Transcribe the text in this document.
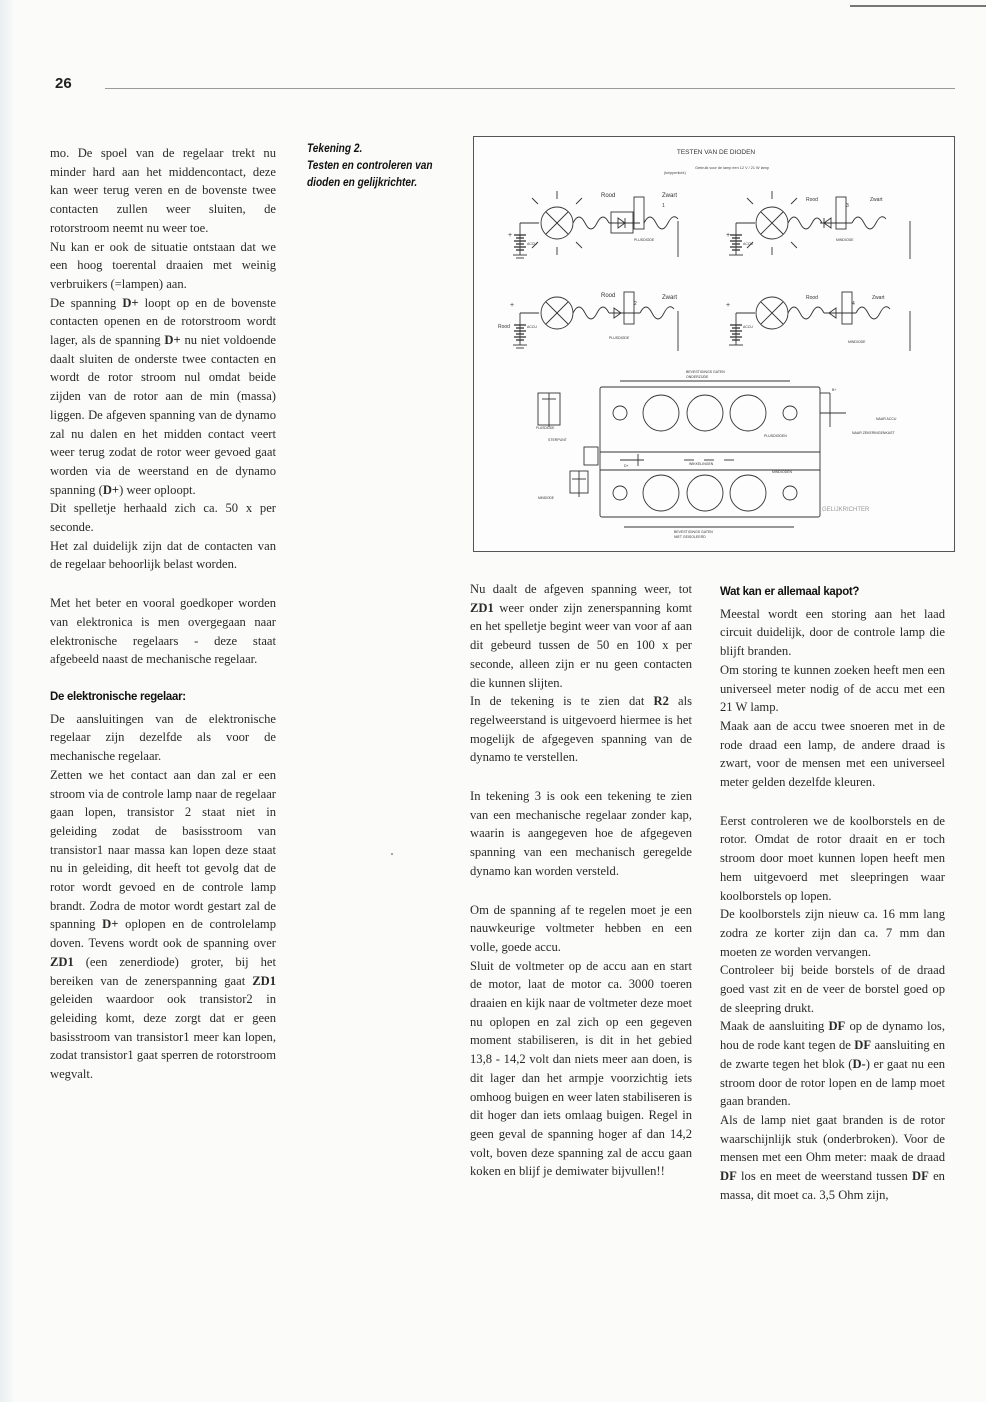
26

mo. De spoel van de regelaar trekt nu minder hard aan het middencontact, deze kan weer terug veren en de bovenste twee contacten zullen weer sluiten, de rotorstroom neemt nu weer toe.

Nu kan er ook de situatie ontstaan dat we een hoog toerental draaien met weinig verbruikers (=lampen) aan.

De spanning D+ loopt op en de bovenste contacten openen en de rotorstroom wordt lager, als de spanning D+ nu niet voldoende daalt sluiten de onderste twee contacten en wordt de rotor stroom nul omdat beide zijden van de rotor aan de min (massa) liggen. De afgeven spanning van de dynamo zal nu dalen en het midden contact veert weer terug zodat de rotor weer gevoed gaat worden via de weerstand en de dynamo spanning (D+) weer oploopt.

Dit spelletje herhaald zich ca. 50 x per seconde.

Het zal duidelijk zijn dat de contacten van de regelaar behoorlijk belast worden.

Met het beter en vooral goedkoper worden van elektronica is men overgegaan naar elektronische regelaars - deze staat afgebeeld naast de mechanische regelaar.

De elektronische regelaar:

De aansluitingen van de elektronische regelaar zijn dezelfde als voor de mechanische regelaar.

Zetten we het contact aan dan zal er een stroom via de controle lamp naar de regelaar gaan lopen, transistor 2 staat niet in geleiding zodat de basisstroom van transistor1 naar massa kan lopen deze staat nu in geleiding, dit heeft tot gevolg dat de rotor wordt gevoed en de controle lamp brandt. Zodra de motor wordt gestart zal de spanning D+ oplopen en de controlelamp doven. Tevens wordt ook de spanning over ZD1 (een zenerdiode) groter, bij het bereiken van de zenerspanning gaat ZD1 geleiden waardoor ook transistor2 in geleiding komt, deze zorgt dat er geen basisstroom van transistor1 meer kan lopen, zodat transistor1 gaat sperren de rotorstroom wegvalt.

Tekening 2.
Testen en controleren van
dioden en gelijkrichter.
TESTEN VAN DE DIODEN
Gebruik voor de lamp een 12 V / 21 W lamp
(knipperlicht)
+
ACCU
Rood	Zwart
1
PLUSDIODE
+
ACCU
Rood
3
Zwart
MINDIODE
+
Rood	ACCU
Rood
2
Zwart
PLUSDIODE
+
ACCU
Rood
4
Zwart
MINDIODE
BEVESTIGINGS GATEN
ONDERZIJDE
WIKKELINGEN
D+
PLUSDIODEN
MINDIODEN
BEVESTIGINGS GATEN
NIET GEISOLEERD
GELIJKRICHTER
PLUSDIODE
STERPUNT
MINDIODE
B+
NAAR ACCU
NAAR ZEKERINGENKAST

Nu daalt de afgeven spanning weer, tot ZD1 weer onder zijn zenerspanning komt en het spelletje begint weer van voor af aan dit gebeurd tussen de 50 en 100 x per seconde, alleen zijn er nu geen contacten die kunnen slijten.

In de tekening is te zien dat R2 als regelweerstand is uitgevoerd hiermee is het mogelijk de afgegeven spanning van de dynamo te verstellen.

In tekening 3 is ook een tekening te zien van een mechanische regelaar zonder kap, waarin is aangegeven hoe de afgegeven spanning van een mechanisch geregelde dynamo kan worden versteld.

Om de spanning af te regelen moet je een nauwkeurige voltmeter hebben en een volle, goede accu.

Sluit de voltmeter op de accu aan en start de motor, laat de motor ca. 3000 toeren draaien en kijk naar de voltmeter deze moet nu oplopen en zal zich op een gegeven moment stabiliseren, is dit in het gebied 13,8 - 14,2 volt dan niets meer aan doen, is dit lager dan het armpje voorzichtig iets omhoog buigen en weer laten stabiliseren is dit hoger dan iets omlaag buigen. Regel in geen geval de spanning hoger af dan 14,2 volt, boven deze spanning zal de accu gaan koken en blijf je demiwater bijvullen!!

Wat kan er allemaal kapot?

Meestal wordt een storing aan het laad circuit duidelijk, door de controle lamp die blijft branden.

Om storing te kunnen zoeken heeft men een universeel meter nodig of de accu met een 21 W lamp.

Maak aan de accu twee snoeren met in de rode draad een lamp, de andere draad is zwart, voor de mensen met een universeel meter gelden dezelfde kleuren.

Eerst controleren we de koolborstels en de rotor. Omdat de rotor draait en er toch stroom door moet kunnen lopen heeft men hem uitgevoerd met sleepringen waar koolborstels op lopen.

De koolborstels zijn nieuw ca. 16 mm lang zodra ze korter zijn dan ca. 7 mm dan moeten ze worden vervangen.

Controleer bij beide borstels of de draad goed vast zit en de veer de borstel goed op de sleepring drukt.

Maak de aansluiting DF op de dynamo los, hou de rode kant tegen de DF aansluiting en de zwarte tegen het blok (D-) er gaat nu een stroom door de rotor lopen en de lamp moet gaan branden.

Als de lamp niet gaat branden is de rotor waarschijnlijk stuk (onderbroken). Voor de mensen met een Ohm meter: maak de draad DF los en meet de weerstand tussen DF en massa, dit moet ca. 3,5 Ohm zijn,
